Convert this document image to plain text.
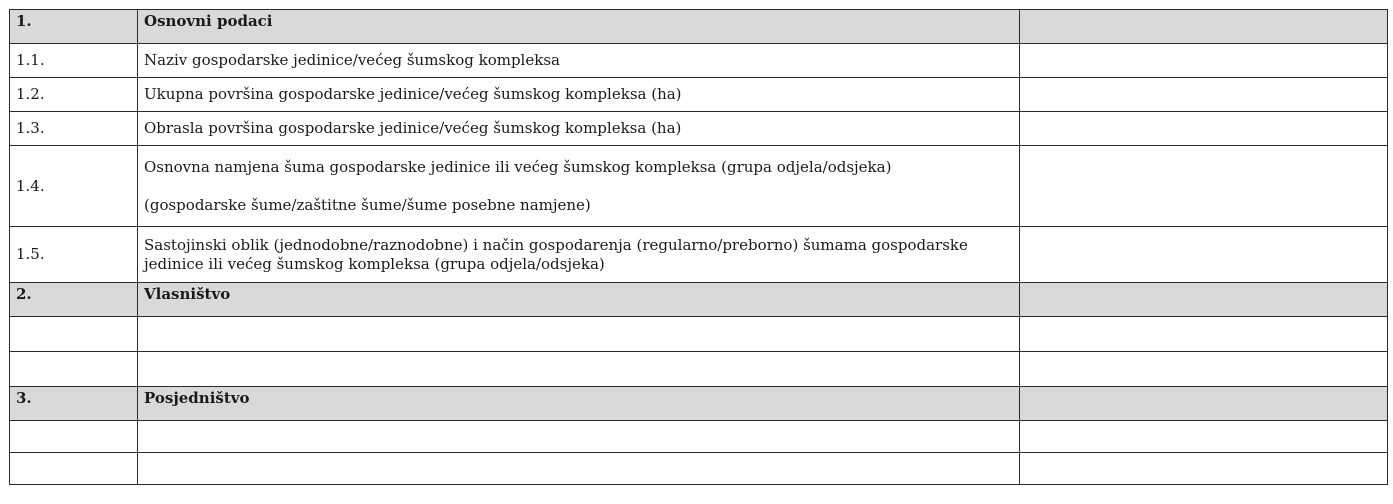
1.	Osnovni podaci	
1.1.	Naziv gospodarske jedinice/većeg šumskog kompleksa	
1.2.	Ukupna površina gospodarske jedinice/većeg šumskog kompleksa (ha)	
1.3.	Obrasla površina gospodarske jedinice/većeg šumskog kompleksa (ha)	
1.4.	Osnovna namjena šuma gospodarske jedinice ili većeg šumskog kompleksa (grupa odjela/odsjeka)
(gospodarske šume/zaštitne šume/šume posebne namjene)	

1.5.	Sastojinski oblik (jednodobne/raznodobne) i način gospodarenja (regularno/preborno) šumama gospodarske jedinice ili većeg šumskog kompleksa (grupa odjela/odsjeka)	
2.	Vlasništvo	

3.	Posjedništvo	
